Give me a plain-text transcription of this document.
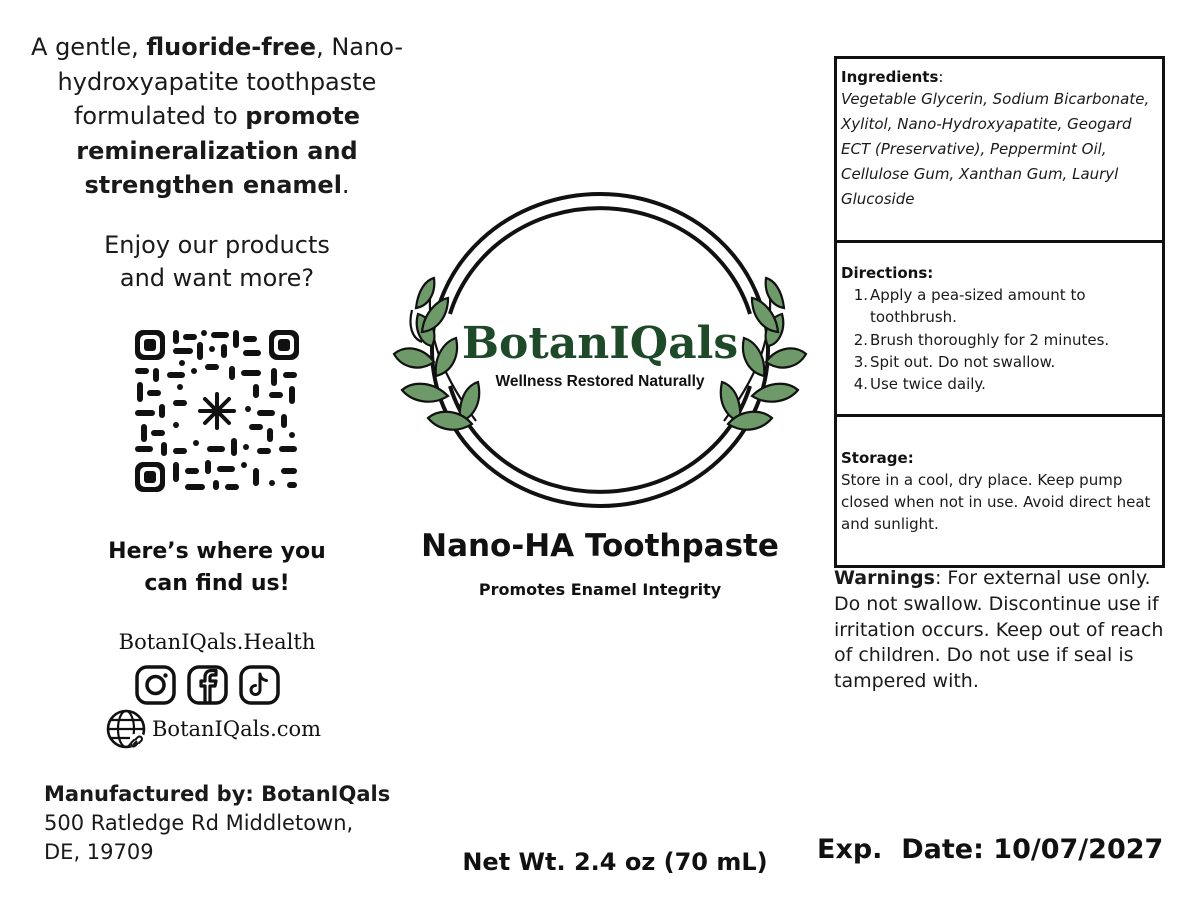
A gentle, fluoride-free, Nano-hydroxyapatite toothpaste formulated to promote remineralization and strengthen enamel.
Enjoy our products
and want more?
Here’s where you
can find us!
BotanIQals.Health
BotanIQals.com
Manufactured by: BotanIQals
500 Ratledge Rd Middletown,
DE, 19709
BotanIQals
Wellness Restored Naturally
Nano-HA Toothpaste
Promotes Enamel Integrity
Net Wt. 2.4 oz (70 mL)
Ingredients:
Vegetable Glycerin, Sodium Bicarbonate, Xylitol, Nano-Hydroxyapatite, Geogard ECT (Preservative), Peppermint Oil, Cellulose Gum, Xanthan Gum, Lauryl Glucoside
Directions:
1. Apply a pea-sized amount to toothbrush.
2. Brush thoroughly for 2 minutes.
3. Spit out. Do not swallow.
4. Use twice daily.
Storage:
Store in a cool, dry place. Keep pump closed when not in use. Avoid direct heat and sunlight.
Warnings: For external use only. Do not swallow. Discontinue use if irritation occurs. Keep out of reach of children. Do not use if seal is tampered with.
Exp.  Date: 10/07/2027
